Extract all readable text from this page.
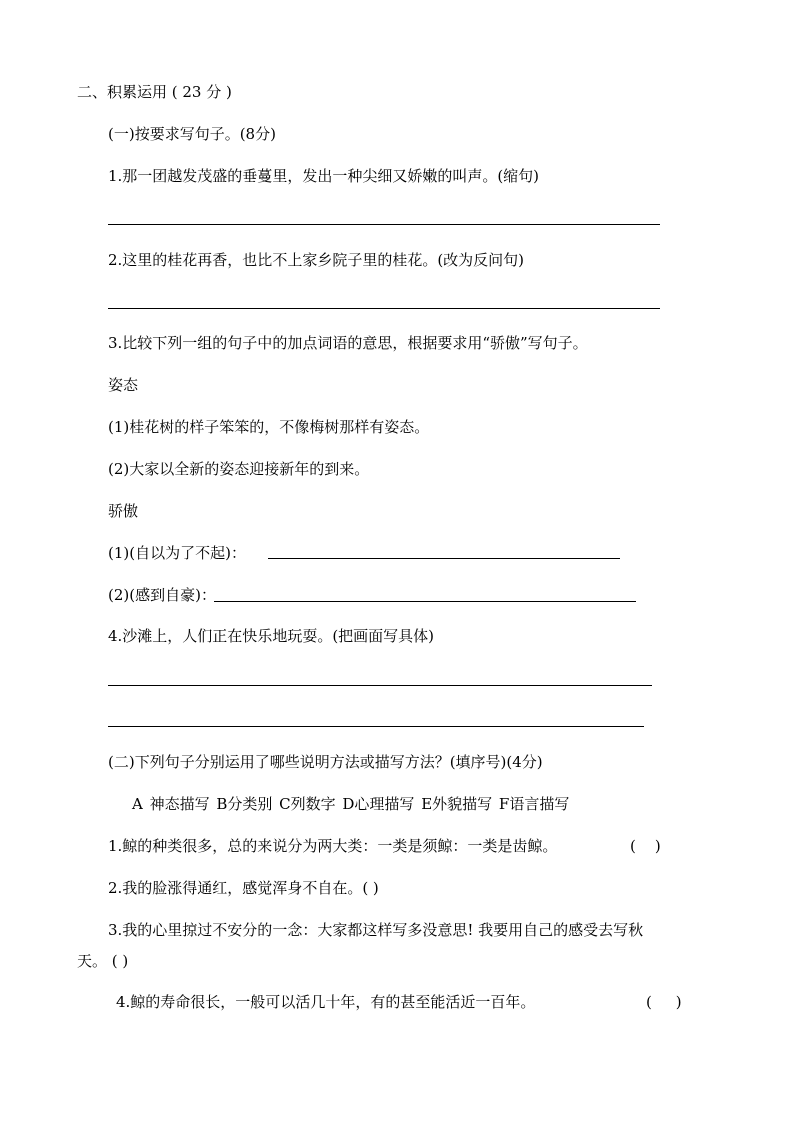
二、积累运用 ( 23 分 )
(一)按要求写句子。(8分)
1.那一团越发茂盛的垂蔓里，发出一种尖细又娇嫩的叫声。(缩句)
2.这里的桂花再香，也比不上家乡院子里的桂花。(改为反问句)
3.比较下列一组的句子中的加点词语的意思，根据要求用“骄傲”写句子。
姿态
(1)桂花树的样子笨笨的，不像梅树那样有姿态。
(2)大家以全新的姿态迎接新年的到来。
骄傲
(1)(自以为了不起)：
(2)(感到自豪)：
4.沙滩上，人们正在快乐地玩耍。(把画面写具体)
(二)下列句子分别运用了哪些说明方法或描写方法？(填序号)(4分)
A 神态描写 B分类别 C列数字 D心理描写 E外貌描写 F语言描写
1.鲸的种类很多，总的来说分为两大类：一类是须鲸：一类是齿鲸。	(    )
2.我的脸涨得通红，感觉浑身不自在。( )
3.我的心里掠过不安分的一念：大家都这样写多没意思! 我要用自己的感受去写秋
天。 ( )
4.鲸的寿命很长，一般可以活几十年，有的甚至能活近一百年。	(     )
